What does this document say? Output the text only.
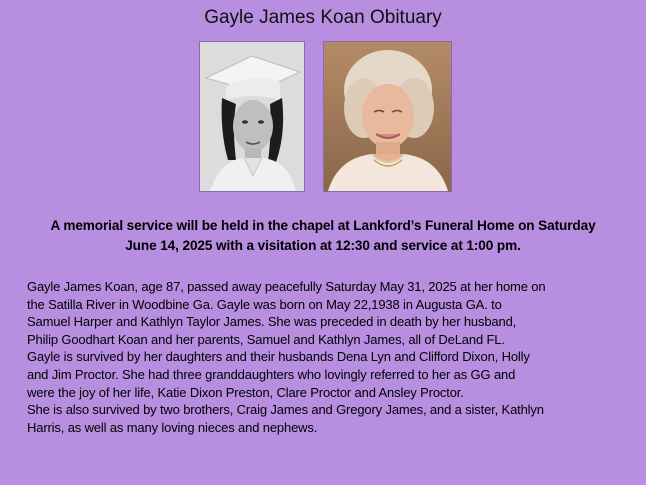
Gayle James Koan Obituary
A memorial service will be held in the chapel at Lankford’s Funeral Home on Saturday
June 14, 2025 with a visitation at 12:30 and service at 1:00 pm.
Gayle James Koan, age 87, passed away peacefully Saturday May 31, 2025 at her home on
the Satilla River in Woodbine Ga. Gayle was born on May 22,1938 in Augusta GA. to
Samuel Harper and Kathlyn Taylor James. She was preceded in death by her husband,
Philip Goodhart Koan and her parents, Samuel and Kathlyn James, all of DeLand FL.
Gayle is survived by her daughters and their husbands Dena Lyn and Clifford Dixon, Holly
and Jim Proctor. She had three granddaughters who lovingly referred to her as GG and
were the joy of her life, Katie Dixon Preston, Clare Proctor and Ansley Proctor.
She is also survived by two brothers, Craig James and Gregory James, and a sister, Kathlyn
Harris, as well as many loving nieces and nephews.
